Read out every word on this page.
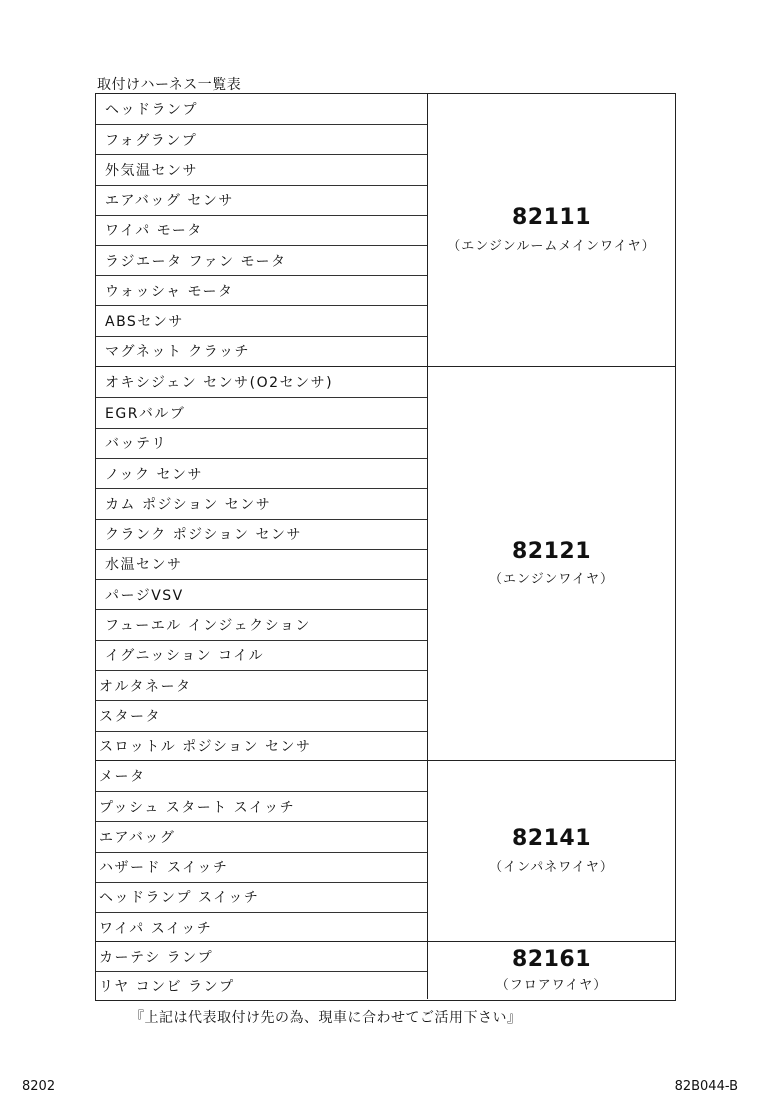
取付けハーネス一覧表
ヘッドランプ
フォグランプ
外気温センサ
エアバッグ センサ
ワイパ モータ
ラジエータ ファン モータ
ウォッシャ モータ
ABSセンサ
マグネット クラッチ
82111
（エンジンルームメインワイヤ）
オキシジェン センサ(O2センサ)
EGRバルブ
バッテリ
ノック センサ
カム ポジション センサ
クランク ポジション センサ
水温センサ
パージVSV
フューエル インジェクション
イグニッション コイル
オルタネータ
スタータ
スロットル ポジション センサ
82121
（エンジンワイヤ）
メータ
プッシュ スタート スイッチ
エアバッグ
ハザード スイッチ
ヘッドランプ スイッチ
ワイパ スイッチ
82141
（インパネワイヤ）
カーテシ ランプ
リヤ コンビ ランプ
82161
（フロアワイヤ）
『上記は代表取付け先の為、現車に合わせてご活用下さい』
8202	82B044-B
